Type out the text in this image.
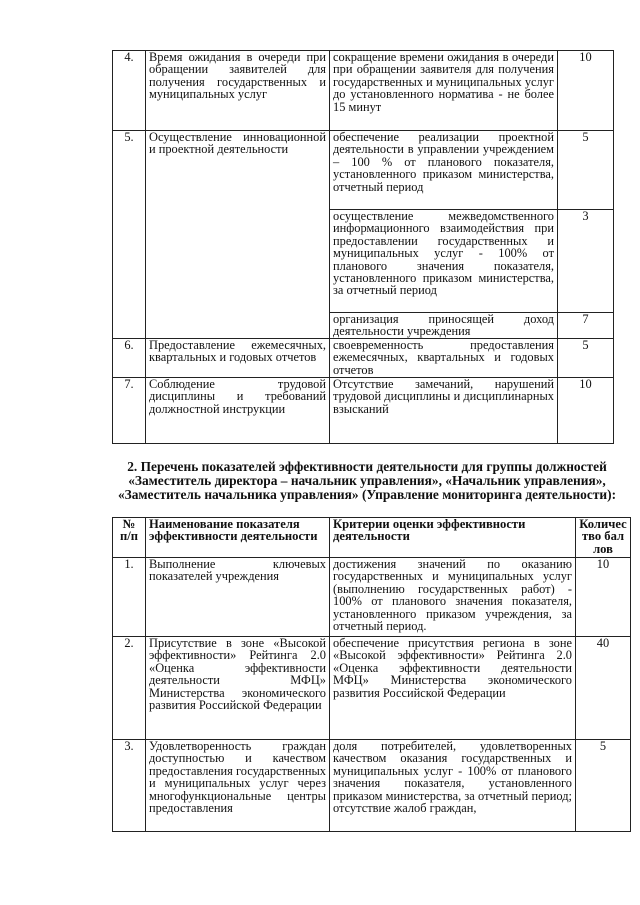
4.	Время ожидания в очереди при обращении заявителей для получения государственных и муниципальных услуг	сокращение времени ожидания в очереди при обращении заявителя для получения государственных и муниципальных услуг до установленного норматива - не более 15 минут	10
5.	Осуществление инновационной и проектной деятельности	обеспечение реализации проектной деятельности в управлении учреждением – 100 % от планового показателя, установленного приказом министерства, отчетный период	5
		осуществление межведомственного информационного взаимодействия при предоставлении государственных и муниципальных услуг - 100% от планового значения показателя, установленного приказом министерства, за отчетный период	3
		организация приносящей доход деятельности учреждения	7
6.	Предоставление ежемесячных, квартальных и годовых отчетов	своевременность предоставления ежемесячных, квартальных и годовых отчетов	5
7.	Соблюдение трудовой дисциплины и требований должностной инструкции	Отсутствие замечаний, нарушений трудовой дисциплины и дисциплинарных взысканий	10
2. Перечень показателей эффективности деятельности для группы должностей «Заместитель директора – начальник управления», «Начальник управления», «Заместитель начальника управления» (Управление мониторинга деятельности):
№ п/п	Наименование показателя эффективности деятельности	Критерии оценки эффективности деятельности	Количество баллов
1.	Выполнение ключевых показателей учреждения	достижения значений по оказанию государственных и муниципальных услуг (выполнению государственных работ) - 100% от планового значения показателя, установленного приказом учреждения, за отчетный период.	10
2.	Присутствие в зоне «Высокой эффективности» Рейтинга 2.0 «Оценка эффективности деятельности МФЦ» Министерства экономического развития Российской Федерации	обеспечение присутствия региона в зоне «Высокой эффективности» Рейтинга 2.0 «Оценка эффективности деятельности МФЦ» Министерства экономического развития Российской Федерации	40
3.	Удовлетворенность граждан доступностью и качеством предоставления государственных и муниципальных услуг через многофункциональные центры предоставления	доля потребителей, удовлетворенных качеством оказания государственных и муниципальных услуг - 100% от планового значения показателя, установленного приказом министерства, за отчетный период; отсутствие жалоб граждан,	5
